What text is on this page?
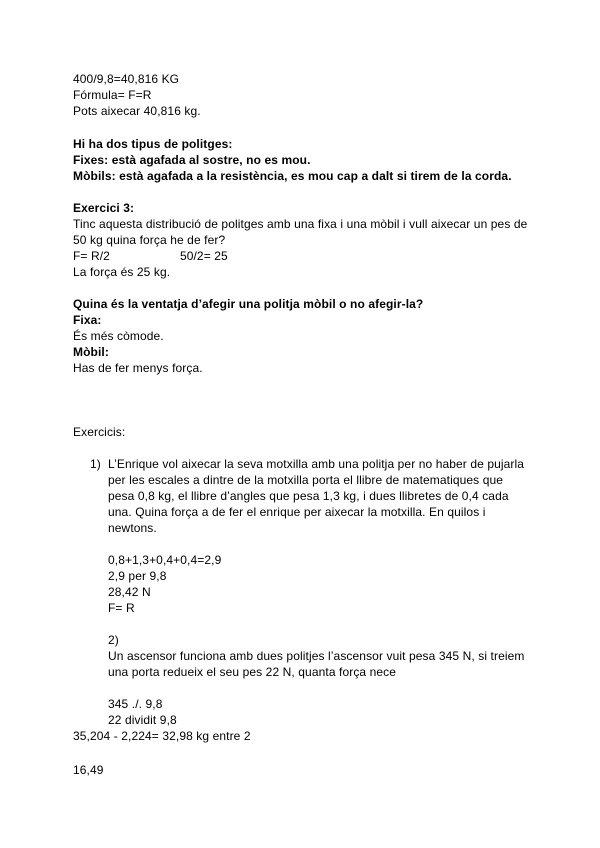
400/9,8=40,816 KG
Fórmula= F=R
Pots aixecar 40,816 kg.
Hi ha dos tipus de politges:
Fixes: està agafada al sostre, no es mou.
Mòbils: està agafada a la resistència, es mou cap a dalt si tirem de la corda.
Exercici 3:
Tinc aquesta distribució de politges amb una fixa i una mòbil i vull aixecar un pes de
50 kg quina força he de fer?
F= R/2	50/2= 25
La força és 25 kg.
Quina és la ventatja d’afegir una politja mòbil o no afegir-la?
Fixa:
És més còmode.
Mòbil:
Has de fer menys força.
Exercicis:
1) L’Enrique vol aixecar la seva motxilla amb una politja per no haber de pujarla
per les escales a dintre de la motxilla porta el llibre de matematiques que
pesa 0,8 kg, el llibre d’angles que pesa 1,3 kg, i dues llibretes de 0,4 cada
una. Quina força a de fer el enrique per aixecar la motxilla. En quilos i
newtons.
0,8+1,3+0,4+0,4=2,9
2,9 per 9,8
28,42 N
F= R
2)
Un ascensor funciona amb dues politjes l’ascensor vuit pesa 345 N, si treiem
una porta redueix el seu pes 22 N, quanta força nece
345 ./. 9,8
22 dividit 9,8
35,204 - 2,224= 32,98 kg entre 2
16,49
